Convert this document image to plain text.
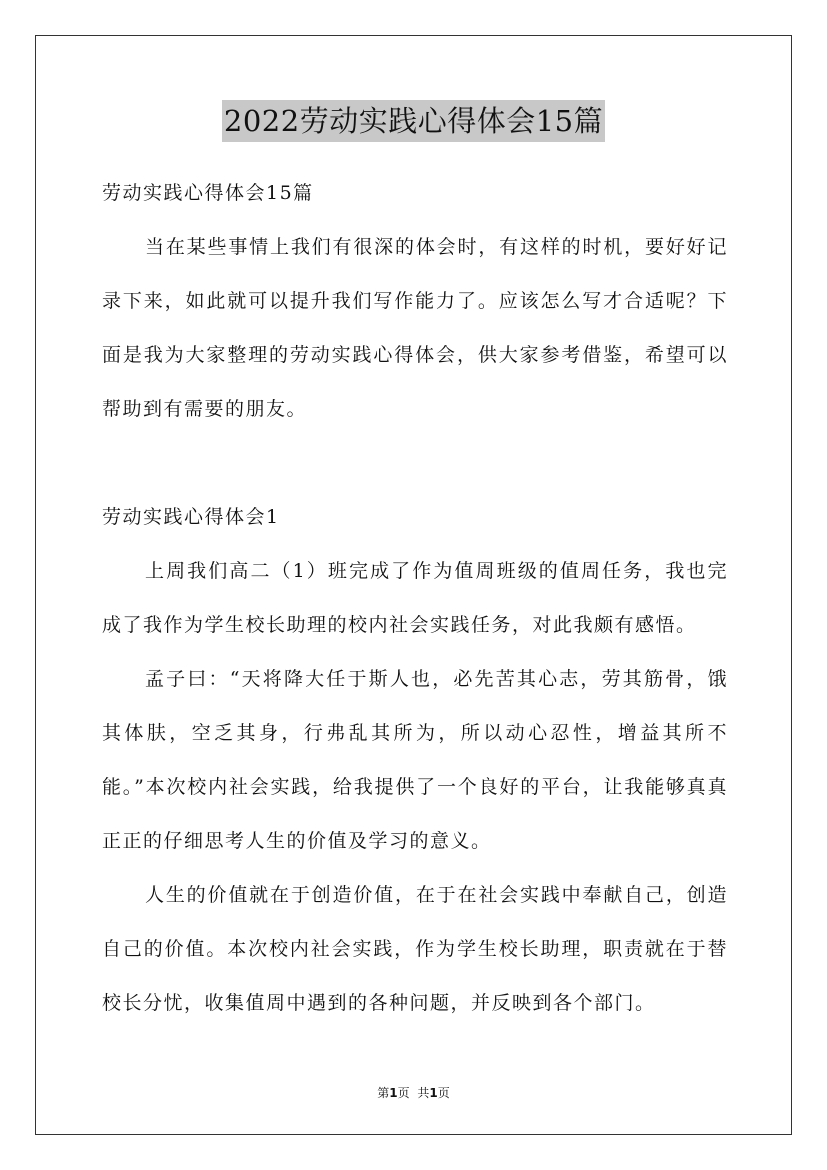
2022劳动实践心得体会15篇

劳动实践心得体会15篇

当在某些事情上我们有很深的体会时，有这样的时机，要好好记录下来，如此就可以提升我们写作能力了。应该怎么写才合适呢？下面是我为大家整理的劳动实践心得体会，供大家参考借鉴，希望可以帮助到有需要的朋友。

劳动实践心得体会1

上周我们高二（1）班完成了作为值周班级的值周任务，我也完成了我作为学生校长助理的校内社会实践任务，对此我颇有感悟。

孟子曰：“天将降大任于斯人也，必先苦其心志，劳其筋骨，饿其体肤，空乏其身，行弗乱其所为，所以动心忍性，增益其所不能。”本次校内社会实践，给我提供了一个良好的平台，让我能够真真正正的仔细思考人生的价值及学习的意义。

人生的价值就在于创造价值，在于在社会实践中奉献自己，创造自己的价值。本次校内社会实践，作为学生校长助理，职责就在于替校长分忧，收集值周中遇到的各种问题，并反映到各个部门。

第1页 共1页
